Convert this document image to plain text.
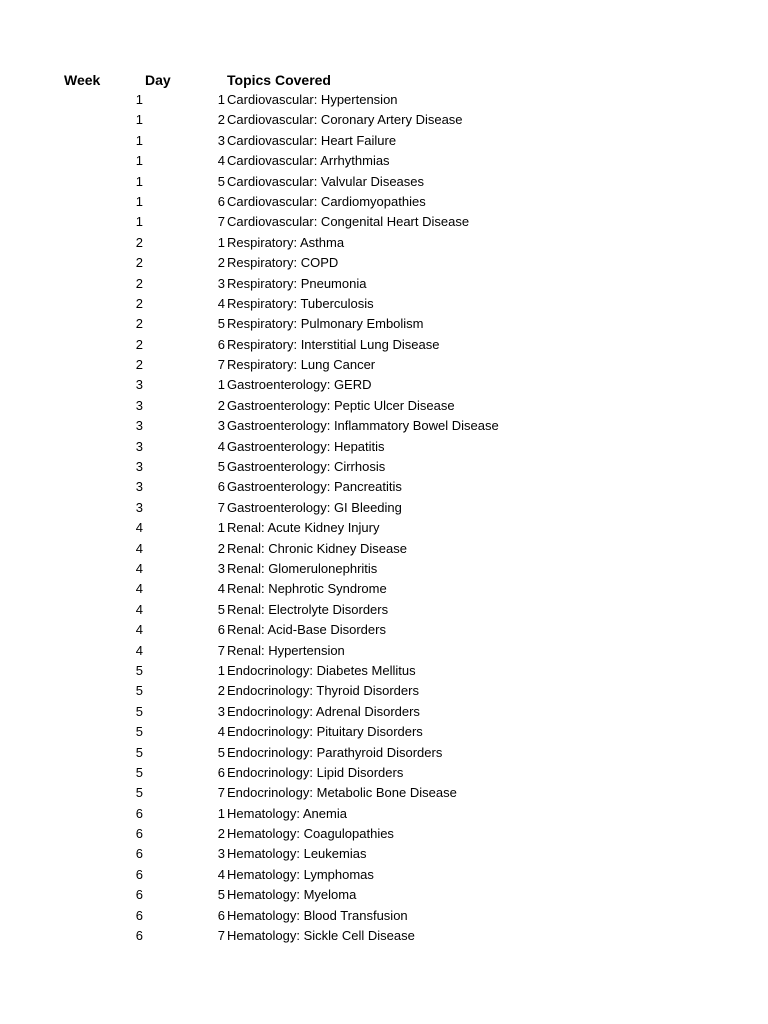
Week	Day	Topics Covered
1	1 Cardiovascular: Hypertension
1	2 Cardiovascular: Coronary Artery Disease
1	3 Cardiovascular: Heart Failure
1	4 Cardiovascular: Arrhythmias
1	5 Cardiovascular: Valvular Diseases
1	6 Cardiovascular: Cardiomyopathies
1	7 Cardiovascular: Congenital Heart Disease
2	1 Respiratory: Asthma
2	2 Respiratory: COPD
2	3 Respiratory: Pneumonia
2	4 Respiratory: Tuberculosis
2	5 Respiratory: Pulmonary Embolism
2	6 Respiratory: Interstitial Lung Disease
2	7 Respiratory: Lung Cancer
3	1 Gastroenterology: GERD
3	2 Gastroenterology: Peptic Ulcer Disease
3	3 Gastroenterology: Inflammatory Bowel Disease
3	4 Gastroenterology: Hepatitis
3	5 Gastroenterology: Cirrhosis
3	6 Gastroenterology: Pancreatitis
3	7 Gastroenterology: GI Bleeding
4	1 Renal: Acute Kidney Injury
4	2 Renal: Chronic Kidney Disease
4	3 Renal: Glomerulonephritis
4	4 Renal: Nephrotic Syndrome
4	5 Renal: Electrolyte Disorders
4	6 Renal: Acid-Base Disorders
4	7 Renal: Hypertension
5	1 Endocrinology: Diabetes Mellitus
5	2 Endocrinology: Thyroid Disorders
5	3 Endocrinology: Adrenal Disorders
5	4 Endocrinology: Pituitary Disorders
5	5 Endocrinology: Parathyroid Disorders
5	6 Endocrinology: Lipid Disorders
5	7 Endocrinology: Metabolic Bone Disease
6	1 Hematology: Anemia
6	2 Hematology: Coagulopathies
6	3 Hematology: Leukemias
6	4 Hematology: Lymphomas
6	5 Hematology: Myeloma
6	6 Hematology: Blood Transfusion
6	7 Hematology: Sickle Cell Disease
